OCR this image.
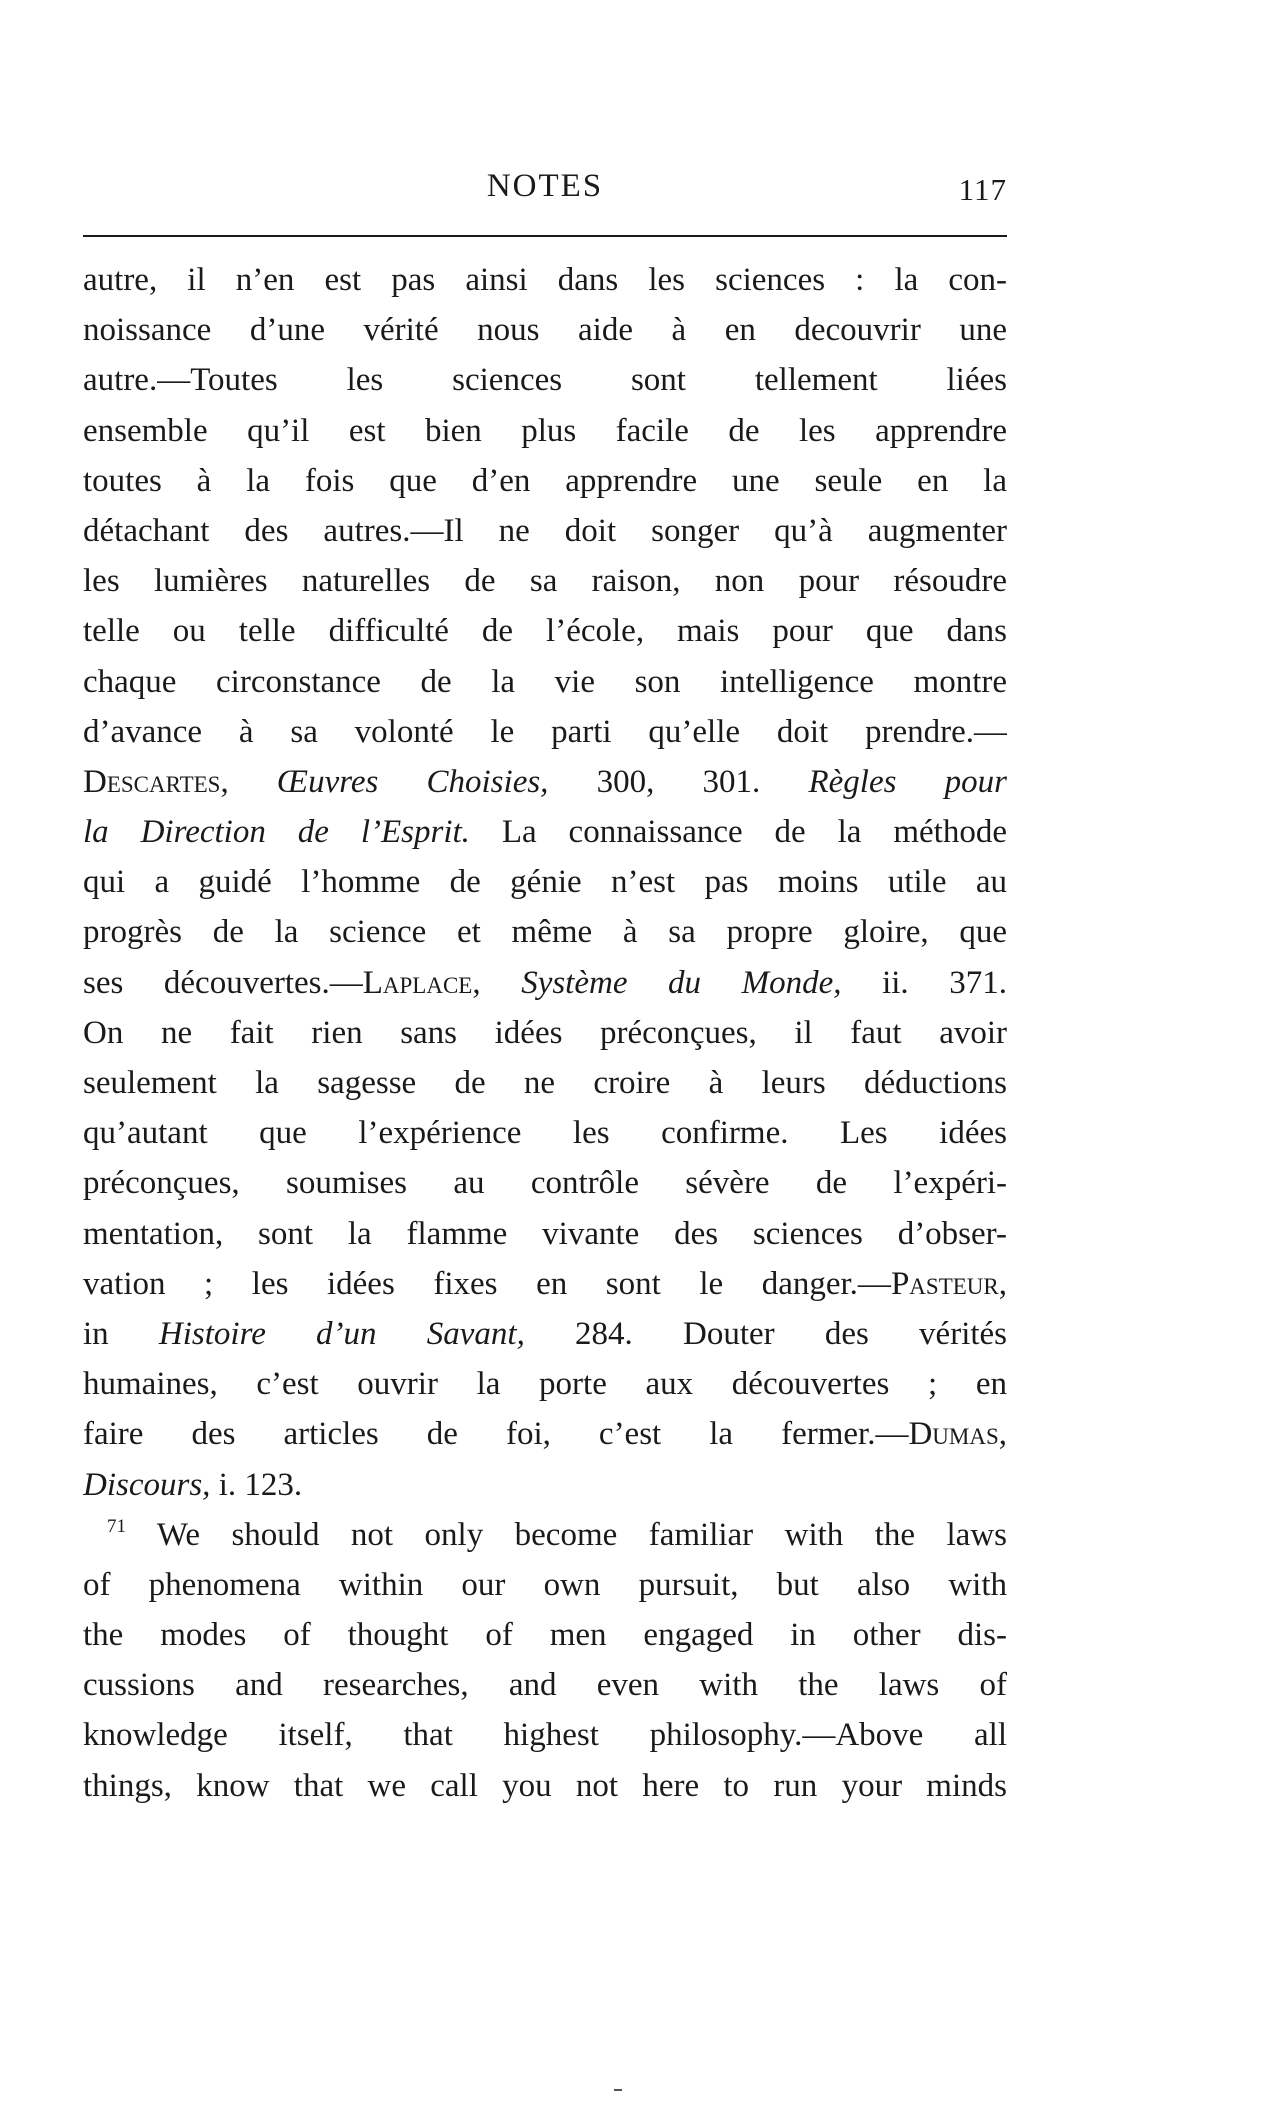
NOTES	117
autre, il n’en est pas ainsi dans les sciences : la con-
noissance d’une vérité nous aide à en decouvrir une
autre.—Toutes les sciences sont tellement liées
ensemble qu’il est bien plus facile de les apprendre
toutes à la fois que d’en apprendre une seule en la
détachant des autres.—Il ne doit songer qu’à augmenter
les lumières naturelles de sa raison, non pour résoudre
telle ou telle difficulté de l’école, mais pour que dans
chaque circonstance de la vie son intelligence montre
d’avance à sa volonté le parti qu’elle doit prendre.—
Descartes, Œuvres Choisies, 300, 301. Règles pour
la Direction de l’Esprit. La connaissance de la méthode
qui a guidé l’homme de génie n’est pas moins utile au
progrès de la science et même à sa propre gloire, que
ses découvertes.—Laplace, Système du Monde, ii. 371.
On ne fait rien sans idées préconçues, il faut avoir
seulement la sagesse de ne croire à leurs déductions
qu’autant que l’expérience les confirme. Les idées
préconçues, soumises au contrôle sévère de l’expéri-
mentation, sont la flamme vivante des sciences d’obser-
vation ; les idées fixes en sont le danger.—Pasteur,
in Histoire d’un Savant, 284. Douter des vérités
humaines, c’est ouvrir la porte aux découvertes ; en
faire des articles de foi, c’est la fermer.—Dumas,
Discours, i. 123.
$^{71}$ We should not only become familiar with the laws
of phenomena within our own pursuit, but also with
the modes of thought of men engaged in other dis-
cussions and researches, and even with the laws of
knowledge itself, that highest philosophy.—Above all
things, know that we call you not here to run your minds
